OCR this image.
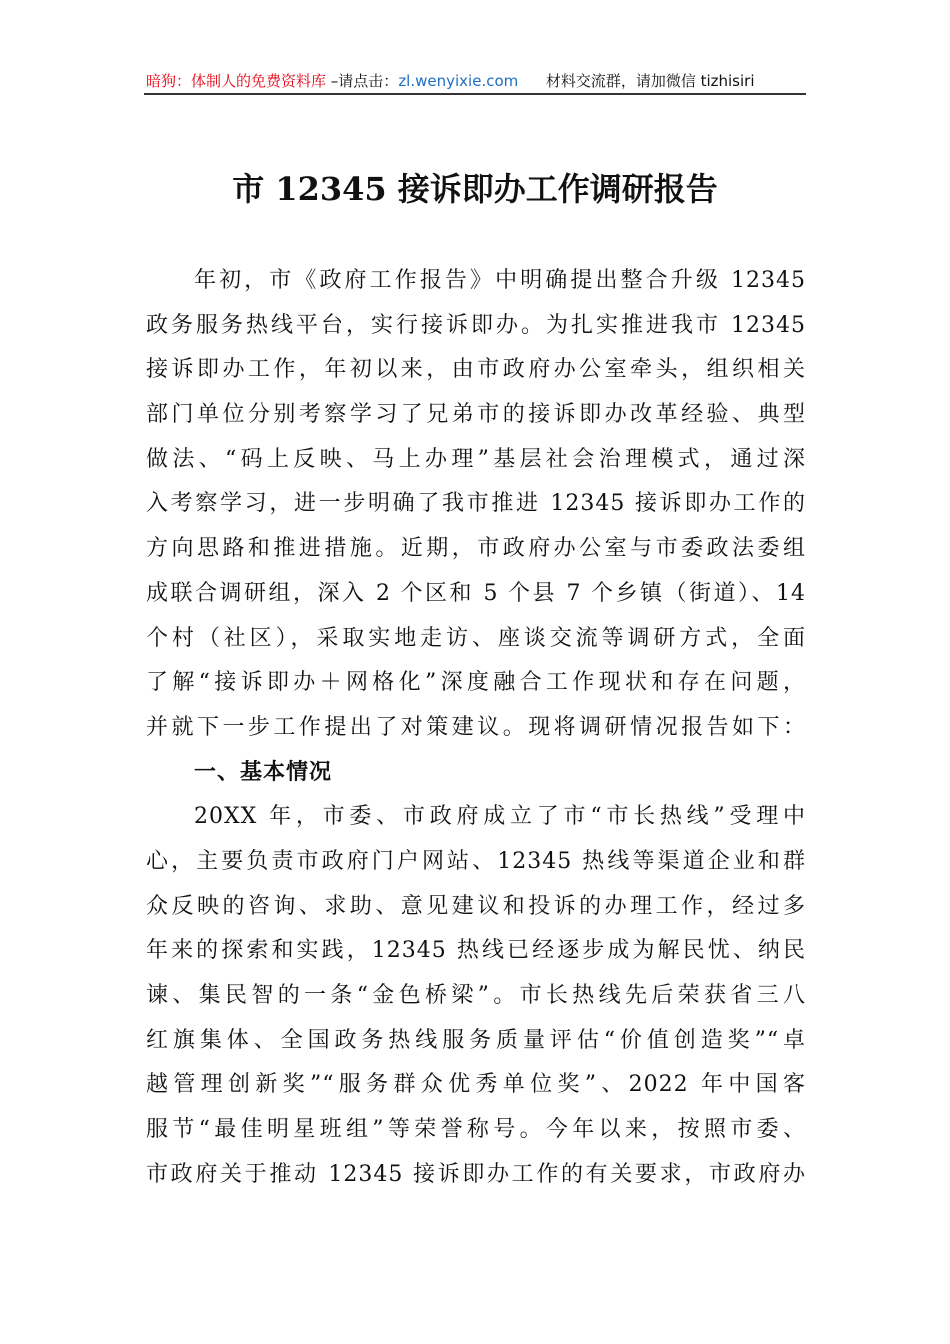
暗狗：体制人的免费资料库 –请点击：zl.wenyixie.com 材料交流群，请加微信 tizhisiri
市 12345 接诉即办工作调研报告
年初，市《政府工作报告》中明确提出整合升级 12345
政务服务热线平台，实行接诉即办。为扎实推进我市 12345
接诉即办工作，年初以来，由市政府办公室牵头，组织相关
部门单位分别考察学习了兄弟市的接诉即办改革经验、典型
做法、“码上反映、马上办理”基层社会治理模式，通过深
入考察学习，进一步明确了我市推进 12345 接诉即办工作的
方向思路和推进措施。近期，市政府办公室与市委政法委组
成联合调研组，深入 2 个区和 5 个县 7 个乡镇（街道）、14
个村（社区），采取实地走访、座谈交流等调研方式，全面
了解“接诉即办＋网格化”深度融合工作现状和存在问题，
并就下一步工作提出了对策建议。现将调研情况报告如下：
一、基本情况
20XX 年，市委、市政府成立了市“市长热线”受理中
心，主要负责市政府门户网站、12345 热线等渠道企业和群
众反映的咨询、求助、意见建议和投诉的办理工作，经过多
年来的探索和实践，12345 热线已经逐步成为解民忧、纳民
谏、集民智的一条“金色桥梁”。市长热线先后荣获省三八
红旗集体、全国政务热线服务质量评估“价值创造奖”“卓
越管理创新奖”“服务群众优秀单位奖”、2022 年中国客
服节“最佳明星班组”等荣誉称号。今年以来，按照市委、
市政府关于推动 12345 接诉即办工作的有关要求，市政府办
